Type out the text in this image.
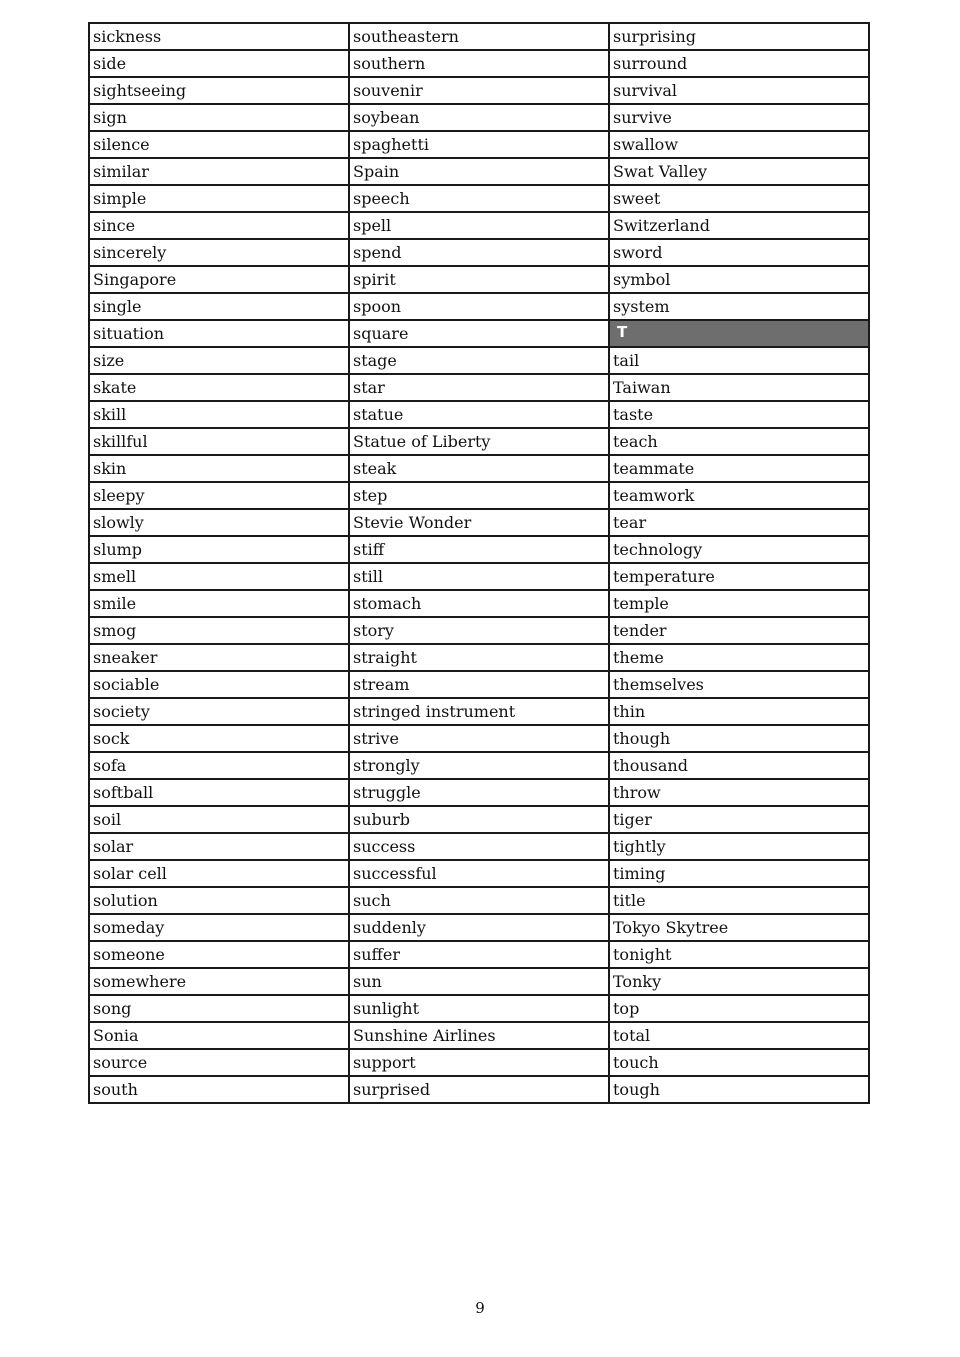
sickness	southeastern	surprising
side	southern	surround
sightseeing	souvenir	survival
sign	soybean	survive
silence	spaghetti	swallow
similar	Spain	Swat Valley
simple	speech	sweet
since	spell	Switzerland
sincerely	spend	sword
Singapore	spirit	symbol
single	spoon	system
situation	square	T
size	stage	tail
skate	star	Taiwan
skill	statue	taste
skillful	Statue of Liberty	teach
skin	steak	teammate
sleepy	step	teamwork
slowly	Stevie Wonder	tear
slump	stiff	technology
smell	still	temperature
smile	stomach	temple
smog	story	tender
sneaker	straight	theme
sociable	stream	themselves
society	stringed instrument	thin
sock	strive	though
sofa	strongly	thousand
softball	struggle	throw
soil	suburb	tiger
solar	success	tightly
solar cell	successful	timing
solution	such	title
someday	suddenly	Tokyo Skytree
someone	suffer	tonight
somewhere	sun	Tonky
song	sunlight	top
Sonia	Sunshine Airlines	total
source	support	touch
south	surprised	tough
9
